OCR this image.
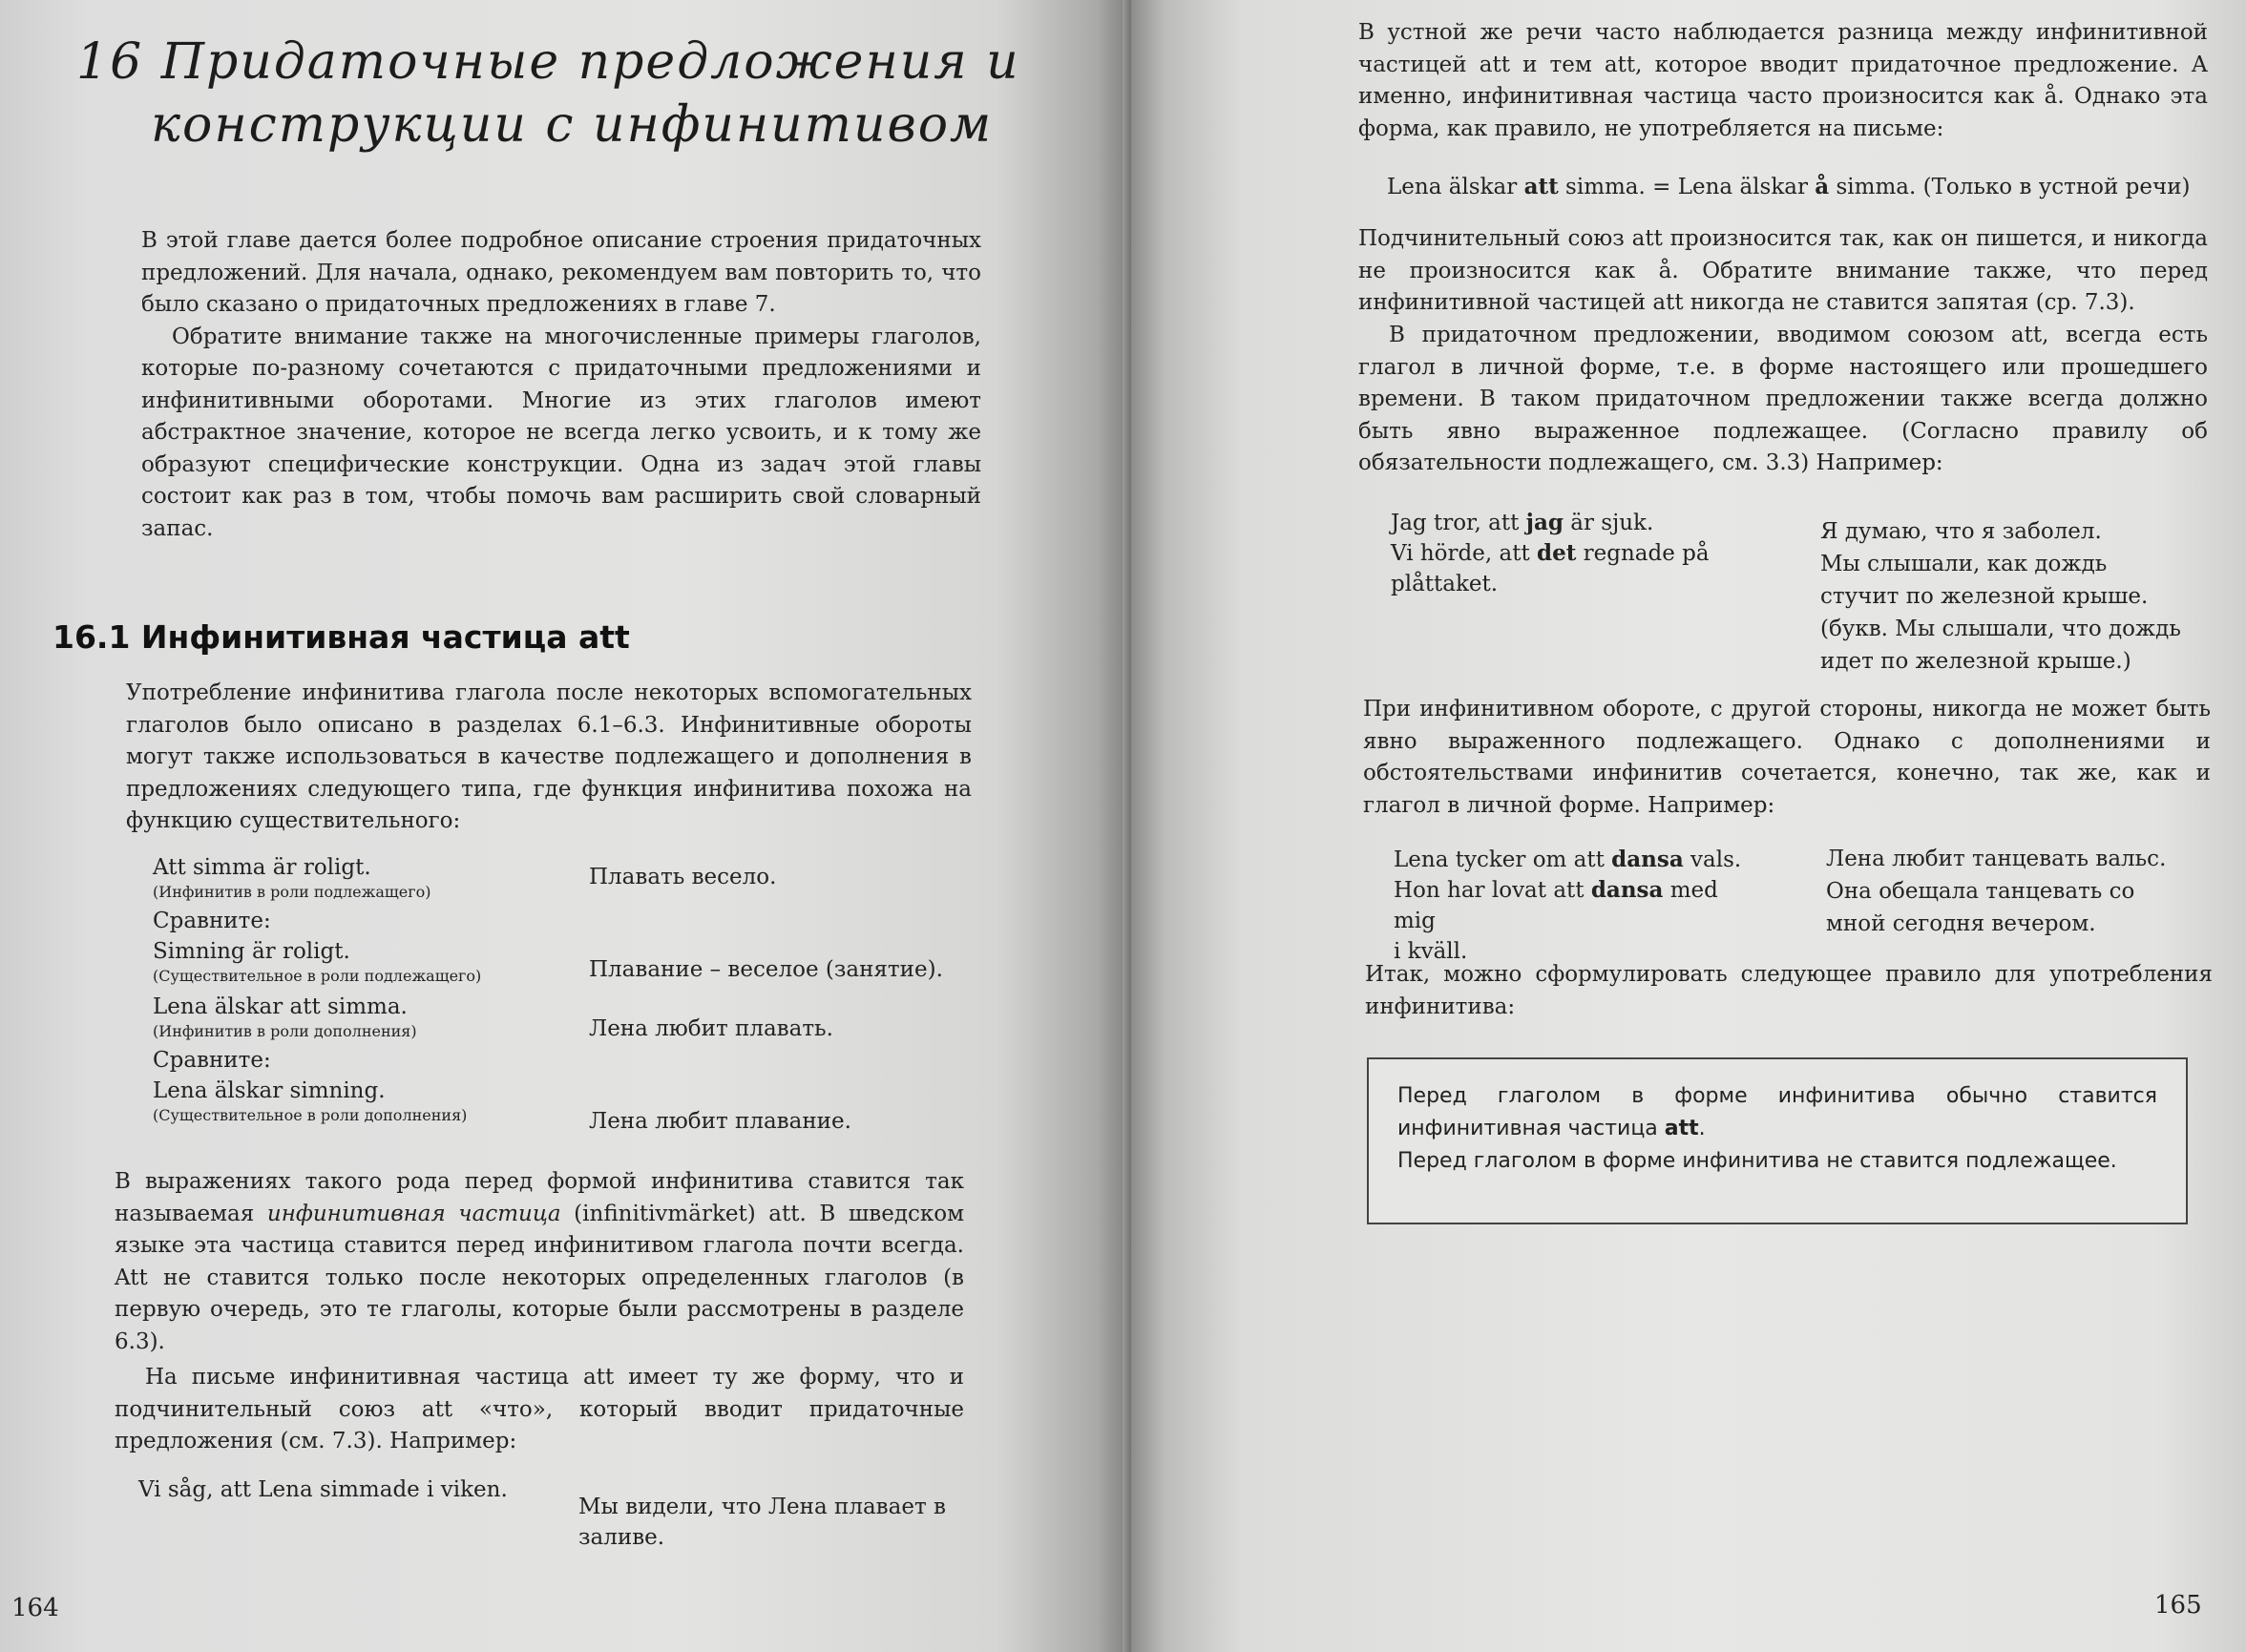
16 Придаточные предложения и
конструкции с инфинитивом
В этой главе дается более подробное описание строения придаточных предложений. Для начала, однако, рекомендуем вам повторить то, что было сказано о придаточных предложениях в главе 7.
Обратите внимание также на многочисленные примеры глаголов, которые по-разному сочетаются с придаточными предложениями и инфинитивными оборотами. Многие из этих глаголов имеют абстрактное значение, которое не всегда легко усвоить, и к тому же образуют специфические конструкции. Одна из задач этой главы состоит как раз в том, чтобы помочь вам расширить свой словарный запас.
16.1 Инфинитивная частица att
Употребление инфинитива глагола после некоторых вспомогательных глаголов было описано в разделах 6.1–6.3. Инфинитивные обороты могут также использоваться в качестве подлежащего и дополнения в предложениях следующего типа, где функция инфинитива похожа на функцию существительного:
Att simma är roligt.
(Инфинитив в роли подлежащего)
Сравните:
Simning är roligt.
(Существительное в роли подлежащего)
Lena älskar att simma.
(Инфинитив в роли дополнения)
Сравните:
Lena älskar simning.
(Существительное в роли дополнения)
Плавать весело.
Плавание – веселое (занятие).
Лена любит плавать.
Лена любит плавание.
В выражениях такого рода перед формой инфинитива ставится так называемая инфинитивная частица (infinitivmärket) att. В шведском языке эта частица ставится перед инфинитивом глагола почти всегда. Att не ставится только после некоторых определенных глаголов (в первую очередь, это те глаголы, которые были рассмотрены в разделе 6.3).
На письме инфинитивная частица att имеет ту же форму, что и подчинительный союз att «что», который вводит придаточные предложения (см. 7.3). Например:
Vi såg, att Lena simmade i viken.
Мы видели, что Лена плавает в заливе.
164
В устной же речи часто наблюдается разница между инфинитивной частицей att и тем att, которое вводит придаточное предложение. А именно, инфинитивная частица часто произносится как å. Однако эта форма, как правило, не употребляется на письме:
Lena älskar att simma. = Lena älskar å simma. (Только в устной речи)
Подчинительный союз att произносится так, как он пишется, и никогда не произносится как å. Обратите внимание также, что перед инфинитивной частицей att никогда не ставится запятая (ср. 7.3).
В придаточном предложении, вводимом союзом att, всегда есть глагол в личной форме, т.е. в форме настоящего или прошедшего времени. В таком придаточном предложении также всегда должно быть явно выраженное подлежащее. (Согласно правилу об обязательности подлежащего, см. 3.3) Например:
Jag tror, att jag är sjuk.
Vi hörde, att det regnade på plåttaket.
Я думаю, что я заболел.
Мы слышали, как дождь
стучит по железной крыше.
(букв. Мы слышали, что дождь
идет по железной крыше.)
При инфинитивном обороте, с другой стороны, никогда не может быть явно выраженного подлежащего. Однако с дополнениями и обстоятельствами инфинитив сочетается, конечно, так же, как и глагол в личной форме. Например:
Lena tycker om att dansa vals.
Hon har lovat att dansa med mig
i kväll.
Лена любит танцевать вальс.
Она обещала танцевать со
мной сегодня вечером.
Итак, можно сформулировать следующее правило для употребления инфинитива:

Перед глаголом в форме инфинитива обычно ставится

инфинитивная частица att.

Перед глаголом в форме инфинитива не ставится подлежащее.

165
